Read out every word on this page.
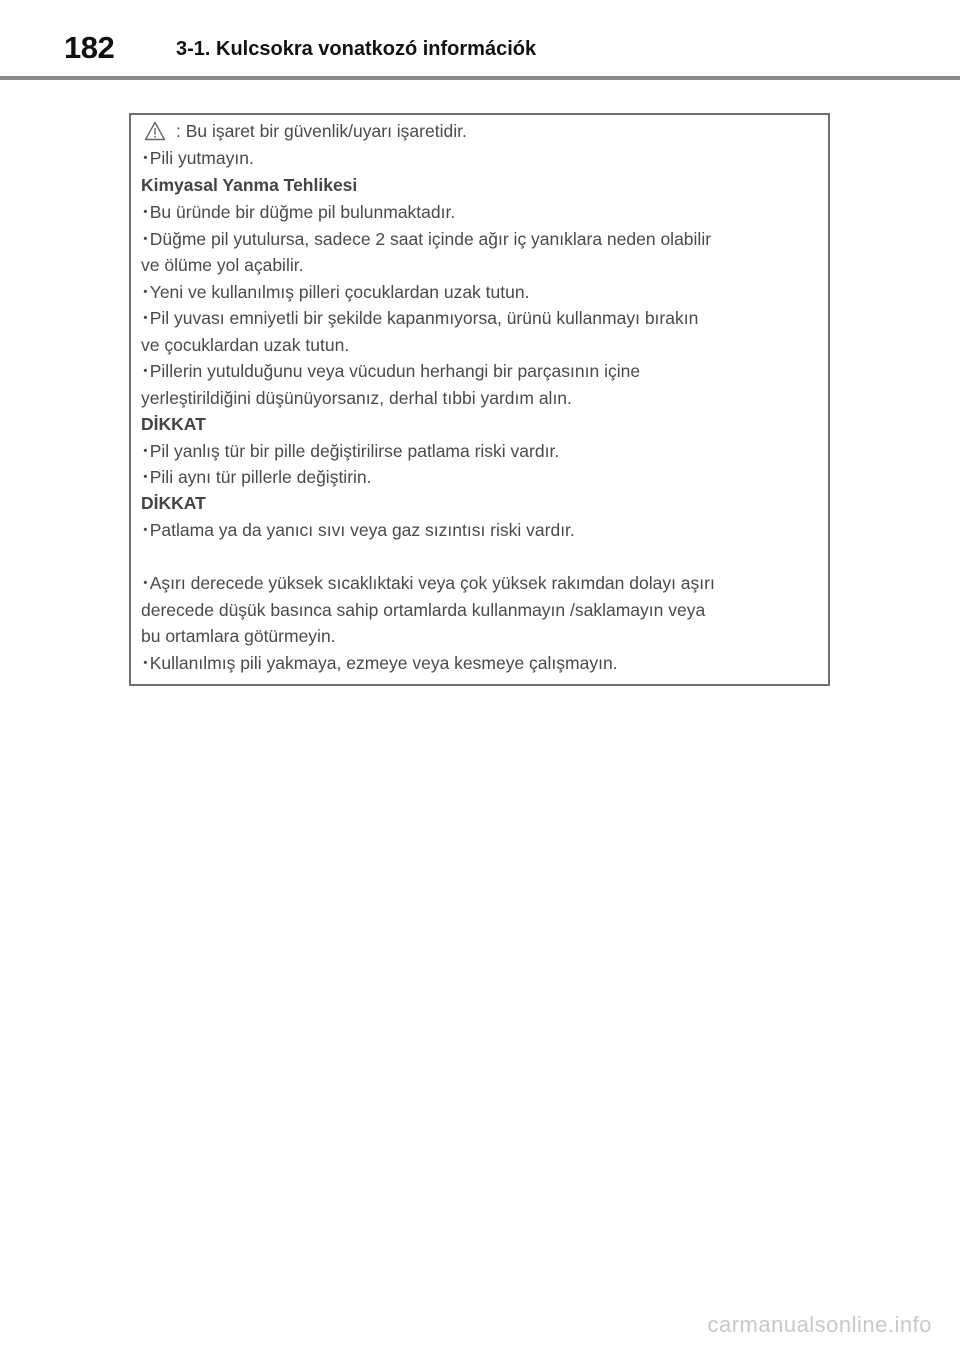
182	3-1. Kulcsokra vonatkozó információk
: Bu işaret bir güvenlik/uyarı işaretidir.
･Pili yutmayın.
Kimyasal Yanma Tehlikesi
･Bu üründe bir düğme pil bulunmaktadır.
･Düğme pil yutulursa, sadece 2 saat içinde ağır iç yanıklara neden olabilir
ve ölüme yol açabilir.
･Yeni ve kullanılmış pilleri çocuklardan uzak tutun.
･Pil yuvası emniyetli bir şekilde kapanmıyorsa, ürünü kullanmayı bırakın
ve çocuklardan uzak tutun.
･Pillerin yutulduğunu veya vücudun herhangi bir parçasının içine
yerleştirildiğini düşünüyorsanız, derhal tıbbi yardım alın.
DİKKAT
･Pil yanlış tür bir pille değiştirilirse patlama riski vardır.
･Pili aynı tür pillerle değiştirin.
DİKKAT
･Patlama ya da yanıcı sıvı veya gaz sızıntısı riski vardır.
･Aşırı derecede yüksek sıcaklıktaki veya çok yüksek rakımdan dolayı aşırı
derecede düşük basınca sahip ortamlarda kullanmayın /saklamayın veya
bu ortamlara götürmeyin.
･Kullanılmış pili yakmaya, ezmeye veya kesmeye çalışmayın.
carmanualsonline.info
